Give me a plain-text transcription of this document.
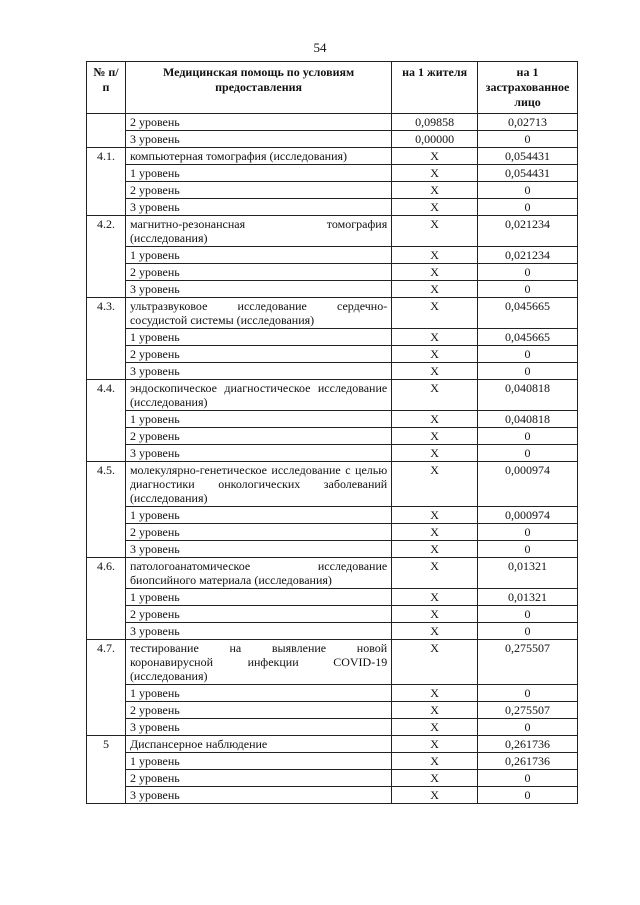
54
№ п/п	Медицинская помощь по условиям предоставления	на 1 жителя	на 1 застрахованное лицо
	2 уровень	0,09858	0,02713
	3 уровень	0,00000	0
4.1.	компьютерная томография (исследования)	Х	0,054431
	1 уровень	Х	0,054431
	2 уровень	Х	0
	3 уровень	Х	0
4.2.	магнитно-резонансная томография (исследования)	Х	0,021234
	1 уровень	Х	0,021234
	2 уровень	Х	0
	3 уровень	Х	0
4.3.	ультразвуковое исследование сердечно-сосудистой системы (исследования)	Х	0,045665
	1 уровень	Х	0,045665
	2 уровень	Х	0
	3 уровень	Х	0
4.4.	эндоскопическое диагностическое исследование (исследования)	Х	0,040818
	1 уровень	Х	0,040818
	2 уровень	Х	0
	3 уровень	Х	0
4.5.	молекулярно-генетическое исследование с целью диагностики онкологических заболеваний (исследования)	Х	0,000974
	1 уровень	Х	0,000974
	2 уровень	Х	0
	3 уровень	Х	0
4.6.	патологоанатомическое исследование биопсийного материала (исследования)	Х	0,01321
	1 уровень	Х	0,01321
	2 уровень	Х	0
	3 уровень	Х	0
4.7.	тестирование на выявление новой коронавирусной инфекции COVID-19 (исследования)	Х	0,275507
	1 уровень	Х	0
	2 уровень	Х	0,275507
	3 уровень	Х	0
5	Диспансерное наблюдение	Х	0,261736
	1 уровень	Х	0,261736
	2 уровень	Х	0
	3 уровень	Х	0
